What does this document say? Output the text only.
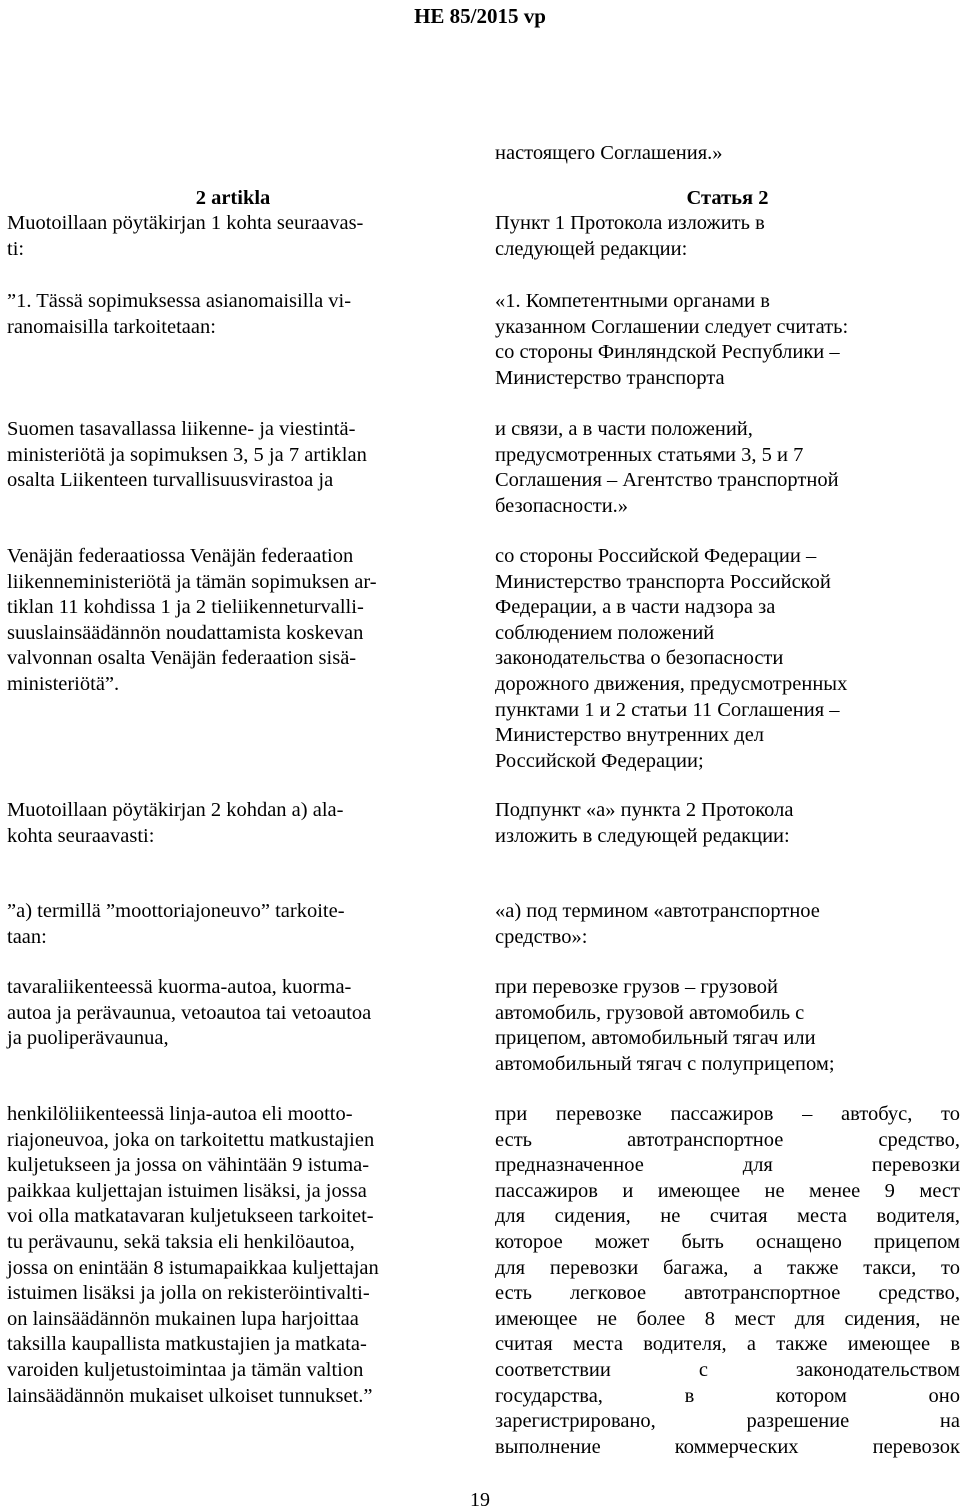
HE 85/2015 vp
2 artikla
Muotoillaan pöytäkirjan 1 kohta seuraavas-
ti:
”1. Tässä sopimuksessa asianomaisilla vi-
ranomaisilla tarkoitetaan:
Suomen tasavallassa liikenne- ja viestintä-
ministeriötä ja sopimuksen 3, 5 ja 7 artiklan
osalta Liikenteen turvallisuusvirastoa ja
Venäjän federaatiossa Venäjän federaation
liikenneministeriötä ja tämän sopimuksen ar-
tiklan 11 kohdissa 1 ja 2 tieliikenneturvalli-
suuslainsäädännön noudattamista koskevan
valvonnan osalta Venäjän federaation sisä-
ministeriötä”.
Muotoillaan pöytäkirjan 2 kohdan a) ala-
kohta seuraavasti:
”a) termillä ”moottoriajoneuvo” tarkoite-
taan:
tavaraliikenteessä kuorma-autoa, kuorma-
autoa ja perävaunua, vetoautoa tai vetoautoa
ja puoliperävaunua,
henkilöliikenteessä linja-autoa eli mootto-
riajoneuvoa, joka on tarkoitettu matkustajien
kuljetukseen ja jossa on vähintään 9 istuma-
paikkaa kuljettajan istuimen lisäksi, ja jossa
voi olla matkatavaran kuljetukseen tarkoitet-
tu perävaunu, sekä taksia eli henkilöautoa,
jossa on enintään 8 istumapaikkaa kuljettajan
istuimen lisäksi ja jolla on rekisteröintivalti-
on lainsäädännön mukainen lupa harjoittaa
taksilla kaupallista matkustajien ja matkata-
varoiden kuljetustoimintaa ja tämän valtion
lainsäädännön mukaiset ulkoiset tunnukset.”
настоящего Соглашения.»
Статья 2
Пункт 1 Протокола изложить в
следующей редакции:
«1. Компетентными органами в
указанном Соглашении следует считать:
со стороны Финляндской Республики –
Министерство транспорта
и связи, а в части положений,
предусмотренных статьями 3, 5 и 7
Соглашения – Агентство транспортной
безопасности.»
со стороны Российской Федерации –
Министерство транспорта Российской
Федерации, а в части надзора за
соблюдением положений
законодательства о безопасности
дорожного движения, предусмотренных
пунктами 1 и 2 статьи 11 Соглашения –
Министерство внутренних дел
Российской Федерации;
Подпункт «а» пункта 2 Протокола
изложить в следующей редакции:
«а) под термином «автотранспортное
средство»:
при перевозке грузов – грузовой
автомобиль, грузовой автомобиль с
прицепом, автомобильный тягач или
автомобильный тягач с полуприцепом;
при перевозке пассажиров – автобус, то
есть автотранспортное средство,
предназначенное для перевозки
пассажиров и имеющее не менее 9 мест
для сидения, не считая места водителя,
которое может быть оснащено прицепом
для перевозки багажа, а также такси, то
есть легковое автотранспортное средство,
имеющее не более 8 мест для сидения, не
считая места водителя, а также имеющее в
соответствии с законодательством
государства, в котором оно
зарегистрировано, разрешение на
выполнение коммерческих перевозок
19
